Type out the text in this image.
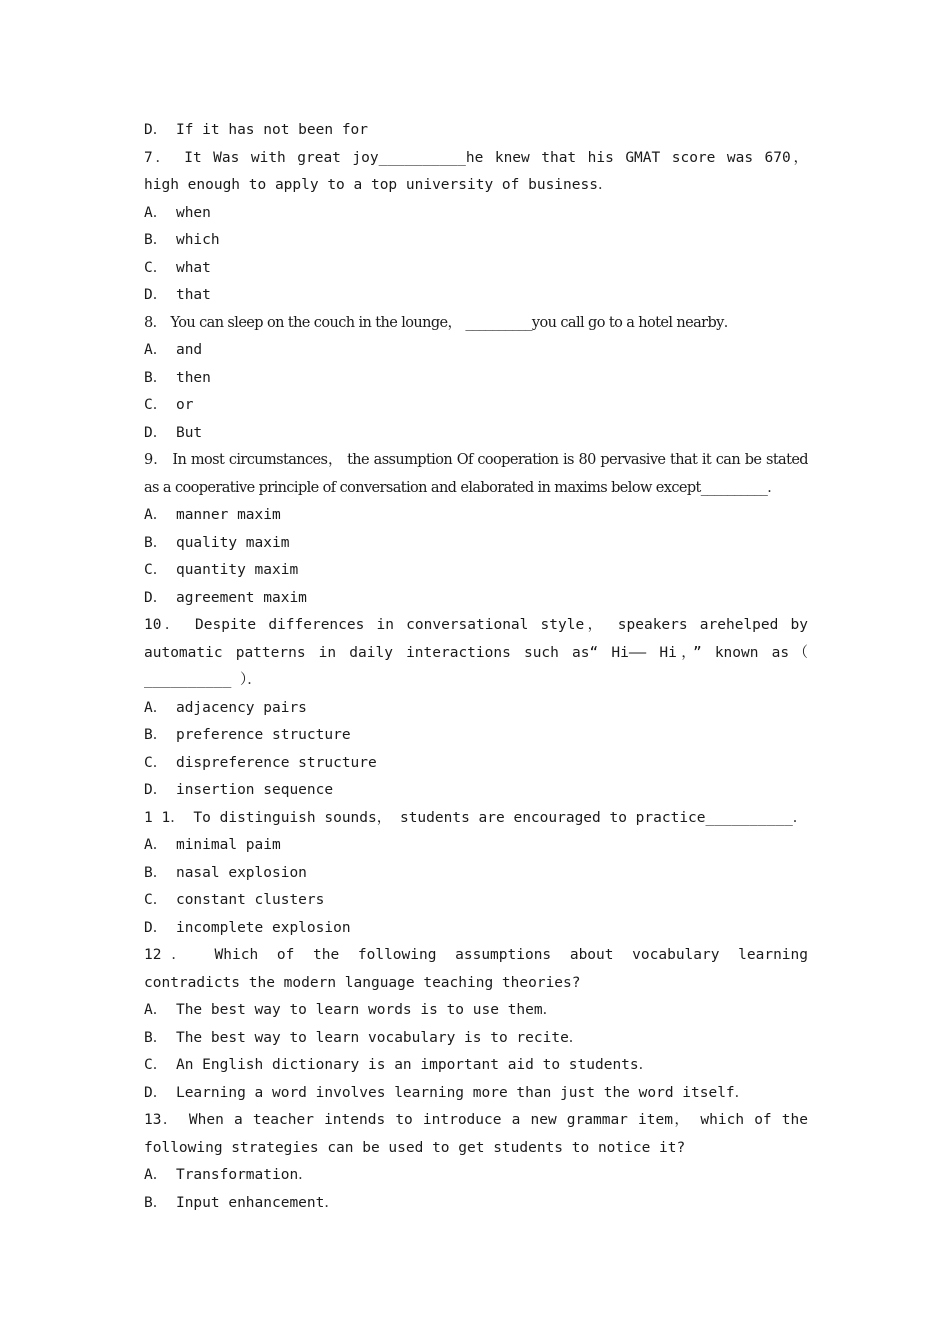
D． If it has not been for
7． It Was with great joy__________he knew that his GMAT score was 670， high enough to apply to a top university of business．
A． when
B． which
C． what
D． that
8． You can sleep on the couch in the lounge， __________you call go to a hotel nearby．
A． and
B． then
C． or
D． But
9． In most circumstances， the assumption Of cooperation is 80 pervasive that it can be stated as a cooperative principle of conversation and elaborated in maxims below except__________．
A． manner maxim
B． quality maxim
C． quantity maxim
D． agreement maxim
10． Despite differences in conversational style， speakers arehelped by automatic patterns in daily interactions such as“ Hi—— Hi，” known as（ __________ ）．
A． adjacency pairs
B． preference structure
C． dispreference structure
D． insertion sequence
1 1． To distinguish sounds， students are encouraged to practice__________．
A． minimal paim
B． nasal explosion
C． constant clusters
D． incomplete explosion
12． Which of the following assumptions about vocabulary learning contradicts the modern language teaching theories?
A． The best way to learn words is to use them．
B． The best way to learn vocabulary is to recite．
C． An English dictionary is an important aid to students．
D． Learning a word involves learning more than just the word itself．
13． When a teacher intends to introduce a new grammar item， which of the following strategies can be used to get students to notice it?
A． Transformation．
B． Input enhancement．
